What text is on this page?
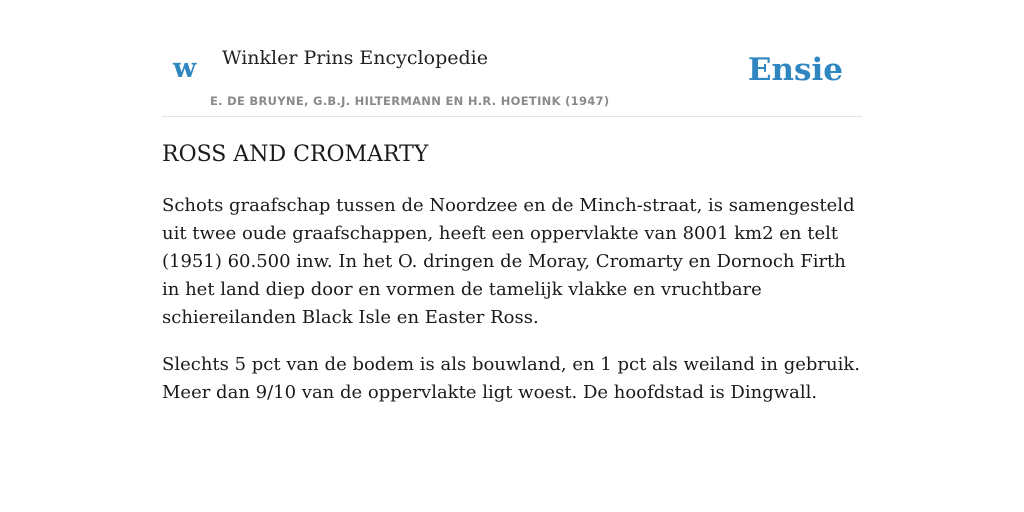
w Winkler Prins Encyclopedie
E. DE BRUYNE, G.B.J. HILTERMANN EN H.R. HOETINK (1947)
Ensie
ROSS AND CROMARTY

Schots graafschap tussen de Noordzee en de Minch-straat, is samengesteld uit twee oude graafschappen, heeft een oppervlakte van 8001 km2 en telt (1951) 60.500 inw. In het O. dringen de Moray, Cromarty en Dornoch Firth in het land diep door en vormen de tamelijk vlakke en vruchtbare schiereilanden Black Isle en Easter Ross.

Slechts 5 pct van de bodem is als bouwland, en 1 pct als weiland in gebruik. Meer dan 9/10 van de oppervlakte ligt woest. De hoofdstad is Dingwall.
